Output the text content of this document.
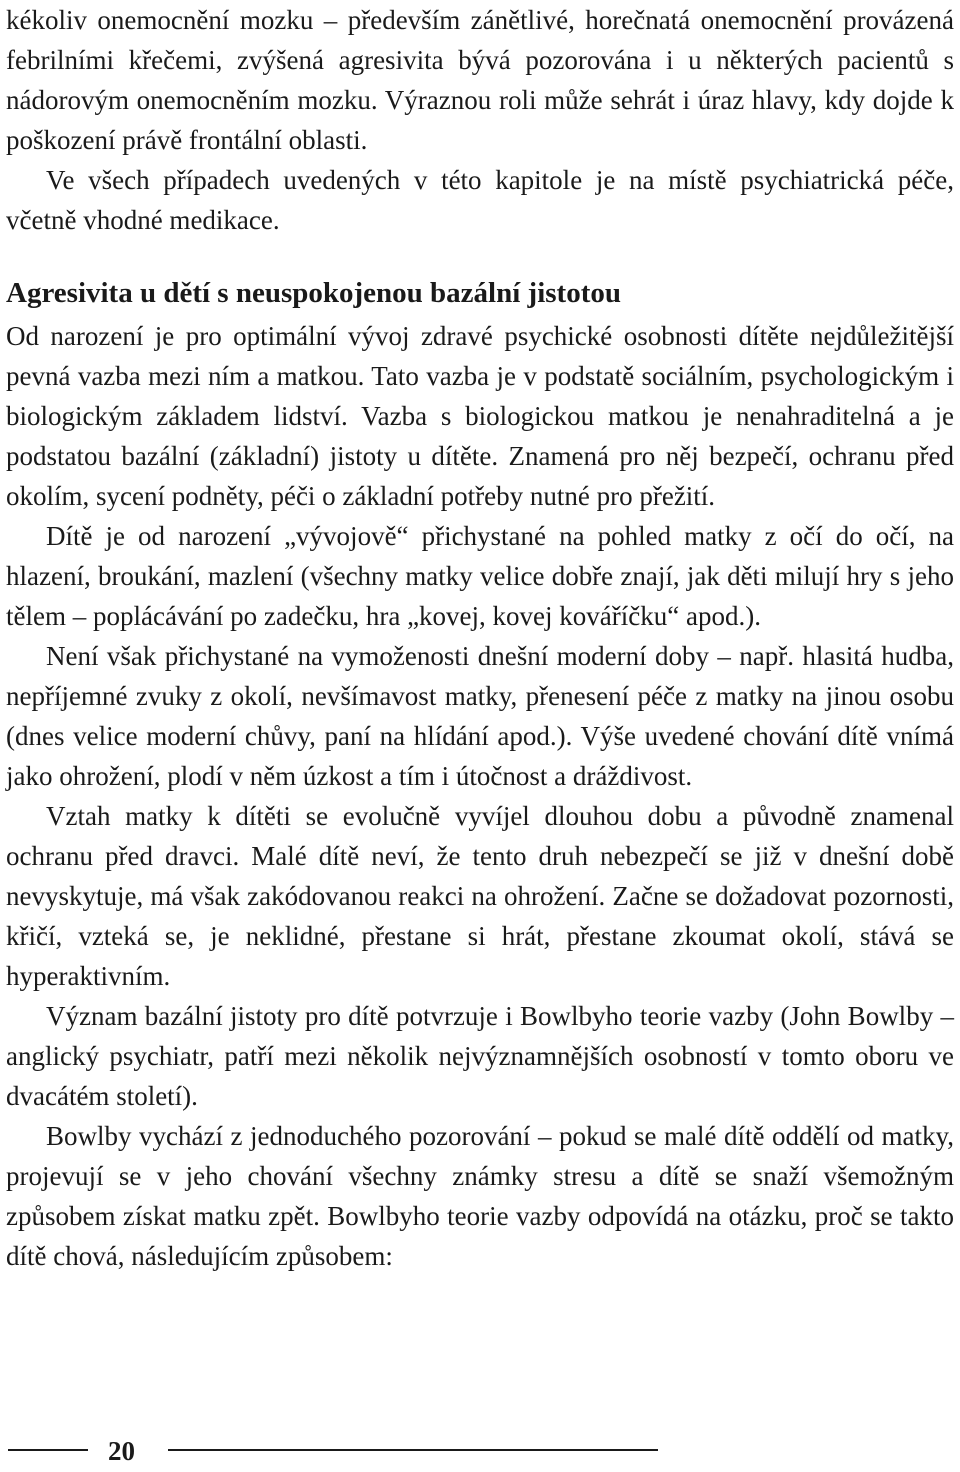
kékoliv onemocnění mozku – především zánětlivé, horečnatá onemocnění provázená febrilními křečemi, zvýšená agresivita bývá pozorována i u některých pacientů s nádorovým onemocněním mozku. Výraznou roli může sehrát i úraz hlavy, kdy dojde k poškození právě frontální oblasti.

Ve všech případech uvedených v této kapitole je na místě psychiatrická péče, včetně vhodné medikace.

Agresivita u dětí s neuspokojenou bazální jistotou

Od narození je pro optimální vývoj zdravé psychické osobnosti dítěte nejdůležitější pevná vazba mezi ním a matkou. Tato vazba je v podstatě sociálním, psychologickým i biologickým základem lidství. Vazba s biologickou matkou je nenahraditelná a je podstatou bazální (základní) jistoty u dítěte. Znamená pro něj bezpečí, ochranu před okolím, sycení podněty, péči o základní potřeby nutné pro přežití.

Dítě je od narození „vývojově“ přichystané na pohled matky z očí do očí, na hlazení, broukání, mazlení (všechny matky velice dobře znají, jak děti milují hry s jeho tělem – poplácávání po zadečku, hra „kovej, kovej kováříčku“ apod.).

Není však přichystané na vymoženosti dnešní moderní doby – např. hlasitá hudba, nepříjemné zvuky z okolí, nevšímavost matky, přenesení péče z matky na jinou osobu (dnes velice moderní chůvy, paní na hlídání apod.). Výše uvedené chování dítě vnímá jako ohrožení, plodí v něm úzkost a tím i útočnost a dráždivost.

Vztah matky k dítěti se evolučně vyvíjel dlouhou dobu a původně znamenal ochranu před dravci. Malé dítě neví, že tento druh nebezpečí se již v dnešní době nevyskytuje, má však zakódovanou reakci na ohrožení. Začne se dožadovat pozornosti, křičí, vzteká se, je neklidné, přestane si hrát, přestane zkoumat okolí, stává se hyperaktivním.

Význam bazální jistoty pro dítě potvrzuje i Bowlbyho teorie vazby (John Bowlby – anglický psychiatr, patří mezi několik nejvýznamnějších osobností v tomto oboru ve dvacátém století).

Bowlby vychází z jednoduchého pozorování – pokud se malé dítě oddělí od matky, projevují se v jeho chování všechny známky stresu a dítě se snaží všemožným způsobem získat matku zpět. Bowlbyho teorie vazby odpovídá na otázku, proč se takto dítě chová, následujícím způsobem:

20
